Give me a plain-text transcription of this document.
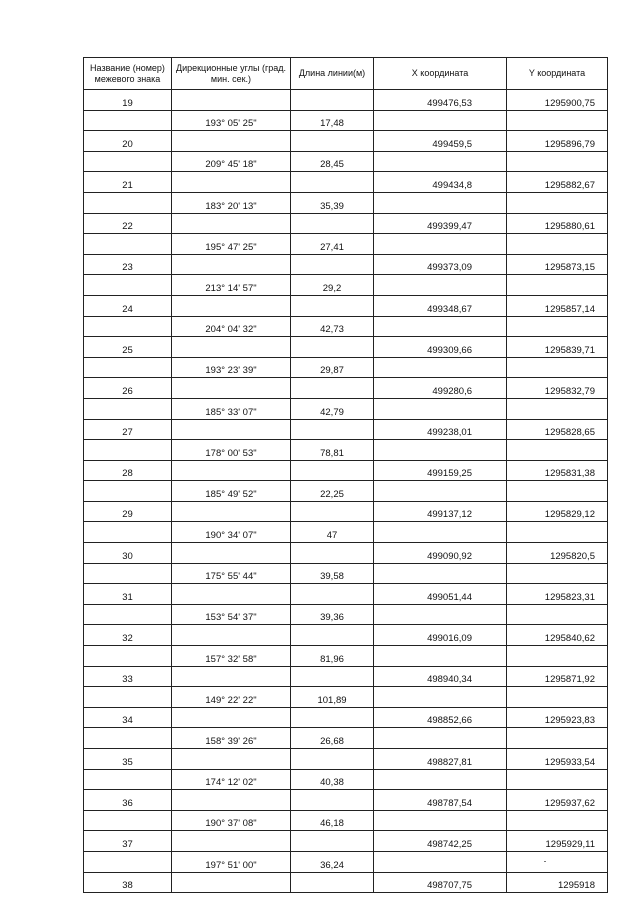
Название (номер) межевого знака	Дирекционные углы (град. мин. сек.)	Длина линии(м)	X координата	Y координата
19			499476,53	1295900,75
	193° 05' 25"	17,48		
20			499459,5	1295896,79
	209° 45' 18"	28,45		
21			499434,8	1295882,67
	183° 20' 13"	35,39		
22			499399,47	1295880,61
	195° 47' 25"	27,41		
23			499373,09	1295873,15
	213° 14' 57"	29,2		
24			499348,67	1295857,14
	204° 04' 32"	42,73		
25			499309,66	1295839,71
	193° 23' 39"	29,87		
26			499280,6	1295832,79
	185° 33' 07"	42,79		
27			499238,01	1295828,65
	178° 00' 53"	78,81		
28			499159,25	1295831,38
	185° 49' 52"	22,25		
29			499137,12	1295829,12
	190° 34' 07"	47		
30			499090,92	1295820,5
	175° 55' 44"	39,58		
31			499051,44	1295823,31
	153° 54' 37"	39,36		
32			499016,09	1295840,62
	157° 32' 58"	81,96		
33			498940,34	1295871,92
	149° 22' 22"	101,89		
34			498852,66	1295923,83
	158° 39' 26"	26,68		
35			498827,81	1295933,54
	174° 12' 02"	40,38		
36			498787,54	1295937,62
	190° 37' 08"	46,18		
37			498742,25	1295929,11
	197° 51' 00"	36,24		
38			498707,75	1295918
